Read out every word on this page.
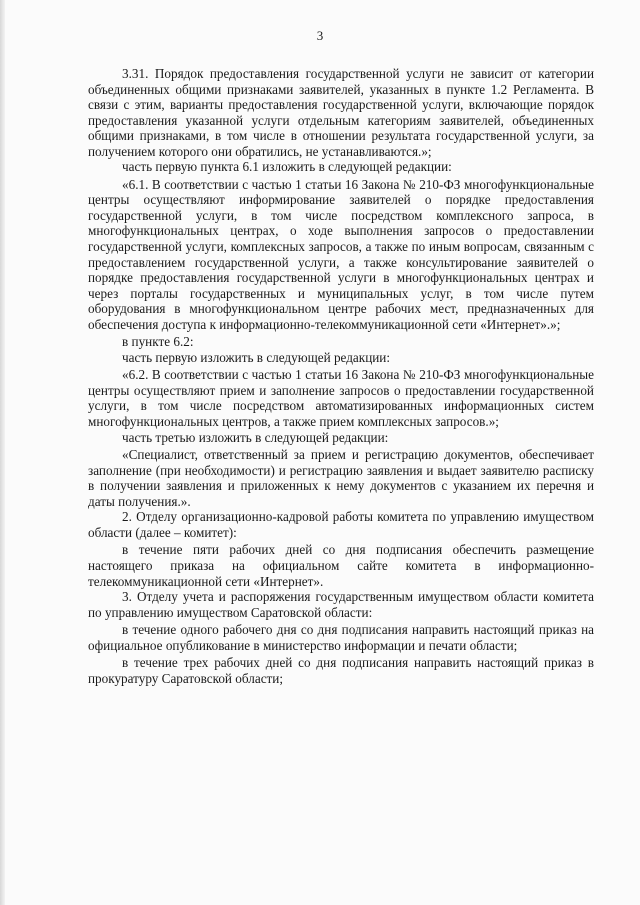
3

3.31. Порядок предоставления государственной услуги не зависит от категории объединенных общими признаками заявителей, указанных в пункте 1.2 Регламента. В связи с этим, варианты предоставления государственной услуги, включающие порядок предоставления указанной услуги отдельным категориям заявителей, объединенных общими признаками, в том числе в отношении результата государственной услуги, за получением которого они обратились, не устанавливаются.»;

часть первую пункта 6.1 изложить в следующей редакции:

«6.1. В соответствии с частью 1 статьи 16 Закона № 210-ФЗ многофункциональные центры осуществляют информирование заявителей о порядке предоставления государственной услуги, в том числе посредством комплексного запроса, в многофункциональных центрах, о ходе выполнения запросов о предоставлении государственной услуги, комплексных запросов, а также по иным вопросам, связанным с предоставлением государственной услуги, а также консультирование заявителей о порядке предоставления государственной услуги в многофункциональных центрах и через порталы государственных и муниципальных услуг, в том числе путем оборудования в многофункциональном центре рабочих мест, предназначенных для обеспечения доступа к информационно-телекоммуникационной сети «Интернет».»;

в пункте 6.2:

часть первую изложить в следующей редакции:

«6.2. В соответствии с частью 1 статьи 16 Закона № 210-ФЗ многофункциональные центры осуществляют прием и заполнение запросов о предоставлении государственной услуги, в том числе посредством автоматизированных информационных систем многофункциональных центров, а также прием комплексных запросов.»;

часть третью изложить в следующей редакции:

«Специалист, ответственный за прием и регистрацию документов, обеспечивает заполнение (при необходимости) и регистрацию заявления и выдает заявителю расписку в получении заявления и приложенных к нему документов с указанием их перечня и даты получения.».

2. Отделу организационно-кадровой работы комитета по управлению имуществом области (далее – комитет):

в течение пяти рабочих дней со дня подписания обеспечить размещение настоящего приказа на официальном сайте комитета в информационно-телекоммуникационной сети «Интернет».

3. Отделу учета и распоряжения государственным имуществом области комитета по управлению имуществом Саратовской области:

в течение одного рабочего дня со дня подписания направить настоящий приказ на официальное опубликование в министерство информации и печати области;

в течение трех рабочих дней со дня подписания направить настоящий приказ в прокуратуру Саратовской области;
